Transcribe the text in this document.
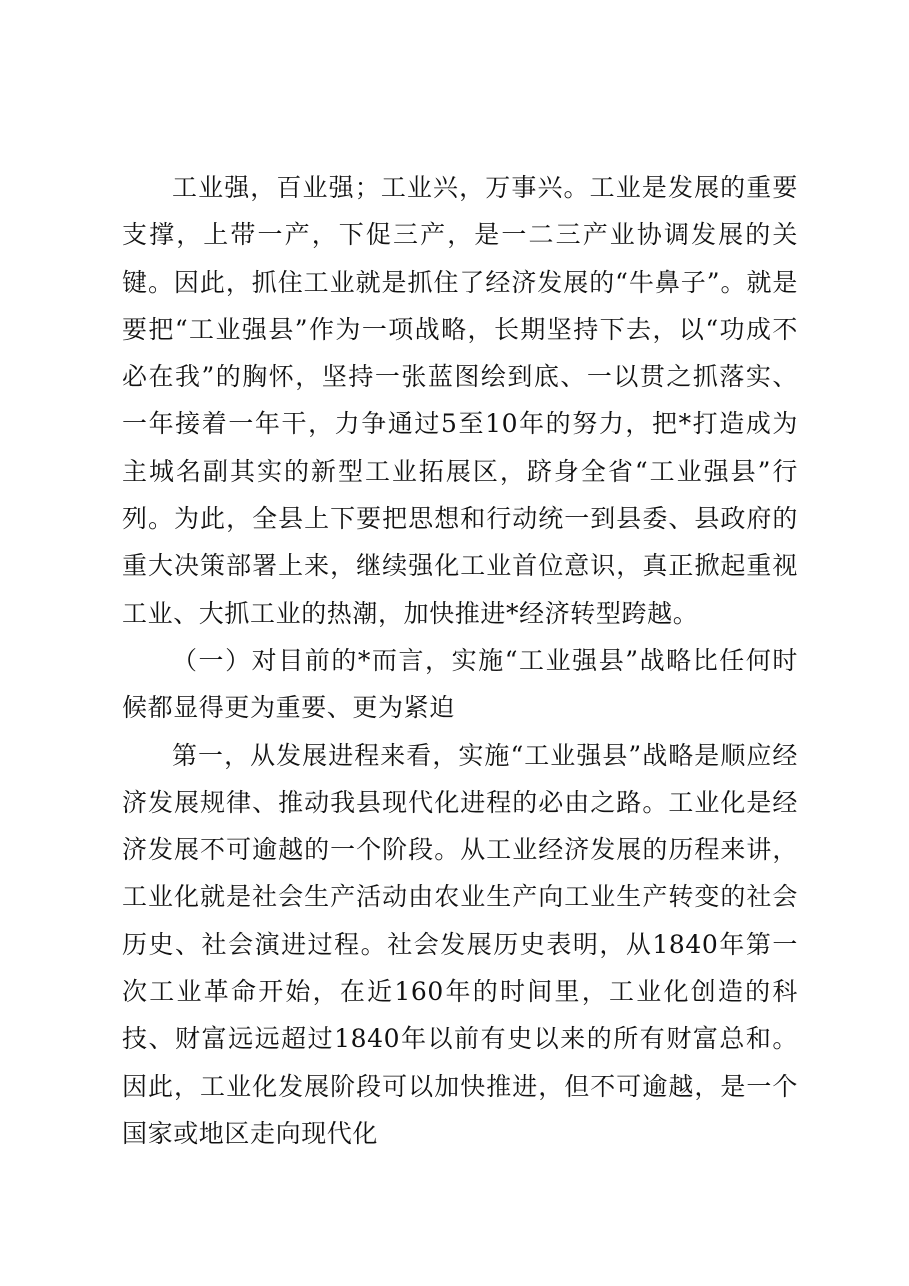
工业强，百业强；工业兴，万事兴。工业是发展的重要支撑，上带一产，下促三产，是一二三产业协调发展的关键。因此，抓住工业就是抓住了经济发展的“牛鼻子”。就是要把“工业强县”作为一项战略，长期坚持下去，以“功成不必在我”的胸怀，坚持一张蓝图绘到底、一以贯之抓落实、一年接着一年干，力争通过5至10年的努力，把*打造成为主城名副其实的新型工业拓展区，跻身全省“工业强县”行列。为此，全县上下要把思想和行动统一到县委、县政府的重大决策部署上来，继续强化工业首位意识，真正掀起重视工业、大抓工业的热潮，加快推进*经济转型跨越。

（一）对目前的*而言，实施“工业强县”战略比任何时候都显得更为重要、更为紧迫

第一，从发展进程来看，实施“工业强县”战略是顺应经济发展规律、推动我县现代化进程的必由之路。工业化是经济发展不可逾越的一个阶段。从工业经济发展的历程来讲，工业化就是社会生产活动由农业生产向工业生产转变的社会历史、社会演进过程。社会发展历史表明，从1840年第一次工业革命开始，在近160年的时间里，工业化创造的科技、财富远远超过1840年以前有史以来的所有财富总和。因此，工业化发展阶段可以加快推进，但不可逾越，是一个国家或地区走向现代化
